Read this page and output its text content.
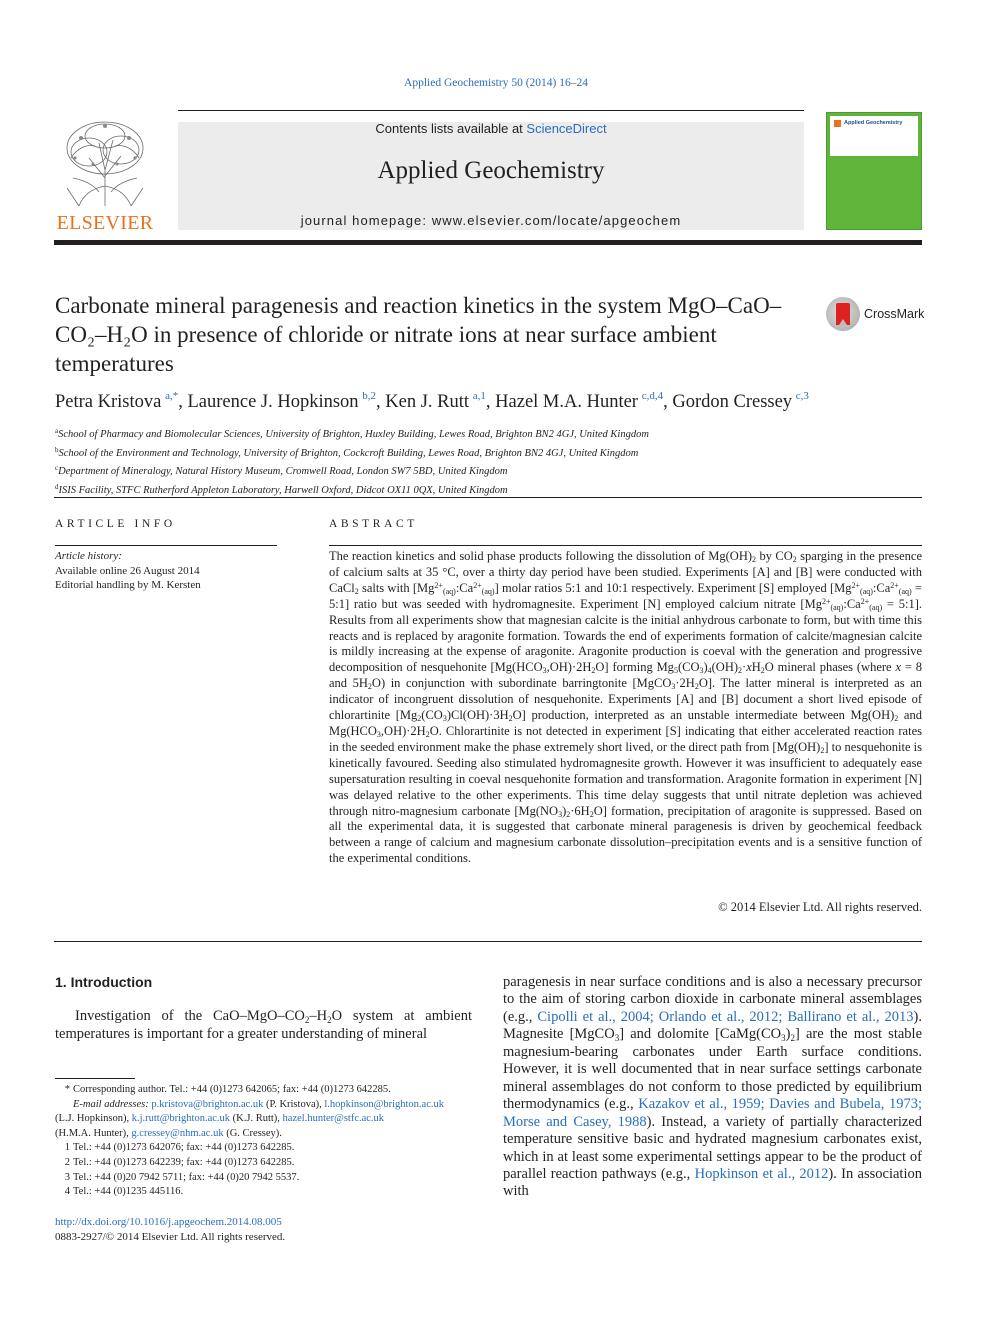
Applied Geochemistry 50 (2014) 16–24
ELSEVIER
Contents lists available at ScienceDirect
Applied Geochemistry
journal homepage: www.elsevier.com/locate/apgeochem
Applied Geochemistry
Carbonate mineral paragenesis and reaction kinetics in the system MgO–CaO–CO₂–H₂O in presence of chloride or nitrate ions at near surface ambient temperatures
CrossMark
Petra Kristova  $^{a,*}$, Laurence J. Hopkinson  $^{b,2}$, Ken J. Rutt  $^{a,1}$, Hazel M.A. Hunter  $^{c,d,4}$, Gordon Cressey  $^{c,3}$
$^a$School of Pharmacy and Biomolecular Sciences, University of Brighton, Huxley Building, Lewes Road, Brighton BN2 4GJ, United Kingdom
$^b$School of the Environment and Technology, University of Brighton, Cockcroft Building, Lewes Road, Brighton BN2 4GJ, United Kingdom
$^c$Department of Mineralogy, Natural History Museum, Cromwell Road, London SW7 5BD, United Kingdom
$^d$ISIS Facility, STFC Rutherford Appleton Laboratory, Harwell Oxford, Didcot OX11 0QX, United Kingdom
ARTICLE INFO	ABSTRACT
Article history:
Available online 26 August 2014
Editorial handling by M. Kersten
The reaction kinetics and solid phase products following the dissolution of $Mg(OH)_2$ by $CO_2$ sparging in the presence of calcium salts at 35 °C, over a thirty day period have been studied. Experiments [A] and [B] were conducted with CaCl$_2$ salts with $[Mg^{2+}_{(aq)}:Ca^{2+}_{(aq)}]$ molar ratios 5:1 and 10:1 respectively. Experiment [S] employed [$Mg^{2+}_{(aq)}:Ca^{2+}_{(aq)}$ = 5:1] ratio but was seeded with hydromagnesite. Experiment [N] employed calcium nitrate [$Mg^{2+}_{(aq)}:Ca^{2+}_{(aq)}$ = 5:1]. Results from all experiments show that magnesian calcite is the initial anhydrous carbonate to form, but with time this reacts and is replaced by aragonite formation. Towards the end of experiments formation of calcite/magnesian calcite is mildly increasing at the expense of aragonite. Aragonite production is coeval with the generation and progressive decomposition of nesquehonite $[Mg(HCO_3,OH)\cdot 2H_2O]$ forming $Mg_5(CO_3)_4(OH)_2\cdot xH_2O$ mineral phases (where x = 8 and $5H_2O$) in conjunction with subordinate barringtonite $[MgCO_3\cdot 2H_2O]$. The latter mineral is interpreted as an indicator of incongruent dissolution of nesquehonite. Experiments [A] and [B] document a short lived episode of chlorartinite $[Mg_2(CO_3)Cl(OH)\cdot 3H_2O]$ production, interpreted as an unstable intermediate between $Mg(OH)_2$ and $Mg(HCO_3,OH)\cdot 2H_2O$. Chlorartinite is not detected in experiment [S] indicating that either accelerated reaction rates in the seeded environment make the phase extremely short lived, or the direct path from $[Mg(OH)_2]$ to nesquehonite is kinetically favoured. Seeding also stimulated hydromagnesite growth. However it was insufficient to adequately ease supersaturation resulting in coeval nesquehonite formation and transformation. Aragonite formation in experiment [N] was delayed relative to the other experiments. This time delay suggests that until nitrate depletion was achieved through nitro-magnesium carbonate $[Mg(NO_3)_2\cdot 6H_2O]$ formation, precipitation of aragonite is suppressed. Based on all the experimental data, it is suggested that carbonate mineral paragenesis is driven by geochemical feedback between a range of calcium and magnesium carbonate dissolution–precipitation events and is a sensitive function of the experimental conditions.
© 2014 Elsevier Ltd. All rights reserved.
1. Introduction
Investigation of the CaO–$MgO-CO_2-H_2O$ system at ambient temperatures is important for a greater understanding of mineral
paragenesis in near surface conditions and is also a necessary precursor to the aim of storing carbon dioxide in carbonate mineral assemblages (e.g., Cipolli et al., 2004; Orlando et al., 2012; Ballirano et al., 2013). Magnesite [MgCO$_3$] and dolomite $[CaMg(CO_3)_2]$ are the most stable magnesium-bearing carbonates under Earth surface conditions. However, it is well documented that in near surface settings carbonate mineral assemblages do not conform to those predicted by equilibrium thermodynamics (e.g., Kazakov et al., 1959; Davies and Bubela, 1973; Morse and Casey, 1988). Instead, a variety of partially characterized temperature sensitive basic and hydrated magnesium carbonates exist, which in at least some experimental settings appear to be the product of parallel reaction pathways (e.g., Hopkinson et al., 2012). In association with
* Corresponding author. Tel.: +44 (0)1273 642065; fax: +44 (0)1273 642285.
E-mail addresses: p.kristova@brighton.ac.uk (P. Kristova), l.hopkinson@brighton.ac.uk
(L.J. Hopkinson), k.j.rutt@brighton.ac.uk (K.J. Rutt), hazel.hunter@stfc.ac.uk
(H.M.A. Hunter), g.cressey@nhm.ac.uk (G. Cressey).
1 Tel.: +44 (0)1273 642076; fax: +44 (0)1273 642285.
2 Tel.: +44 (0)1273 642239; fax: +44 (0)1273 642285.
3 Tel.: +44 (0)20 7942 5711; fax: +44 (0)20 7942 5537.
4 Tel.: +44 (0)1235 445116.
http://dx.doi.org/10.1016/j.apgeochem.2014.08.005
0883-2927/© 2014 Elsevier Ltd. All rights reserved.
